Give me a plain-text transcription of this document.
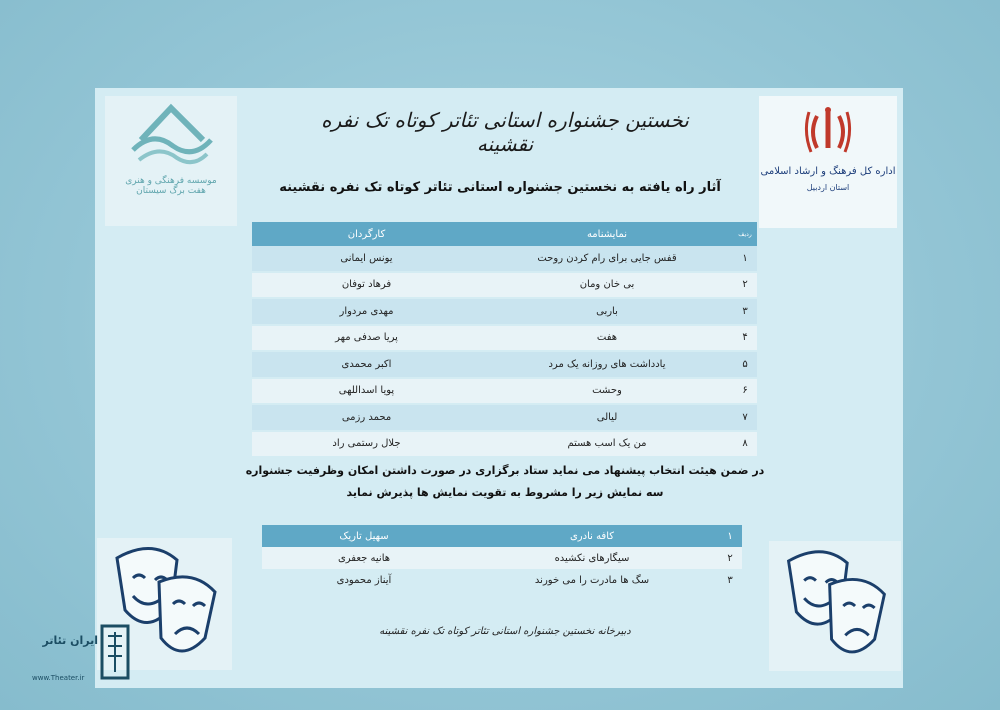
موسسه فرهنگی و هنری
هفت برگ سیستان
اداره کل فرهنگ و ارشاد اسلامی
استان اردبیل
نخستین جشنواره استانی تئاتر کوتاه تک نفره نقشینه
آثار راه یافته به نخستین جشنواره استانی تئاتر کوتاه تک نفره نقشینه
ردیف	نمایشنامه	کارگردان
۱	قفس جایی برای رام کردن روحت	یونس ایمانی
۲	بی خان ومان	فرهاد توفان
۳	باربی	مهدی مردوار
۴	هفت	پریا صدفی مهر
۵	یادداشت های روزانه یک مرد	اکبر محمدی
۶	وحشت	پویا اسداللهی
۷	لیالی	محمد رزمی
۸	من یک اسب هستم	جلال رستمی راد
در ضمن هیئت انتخاب پیشنهاد می نماید ستاد برگزاری در صورت داشتن امکان وظرفیت جشنواره
سه نمایش زیر را مشروط به تقویت نمایش ها پذیرش نماید
۱	کافه نادری	سهیل تاریک
۲	سیگارهای نکشیده	هانیه جعفری
۳	سگ ها مادرت را می خورند	آیناز محمودی
دبیرخانه نخستین جشنواره استانی تئاتر کوتاه تک نفره نقشینه
ایران تئاتر
www.Theater.ir
